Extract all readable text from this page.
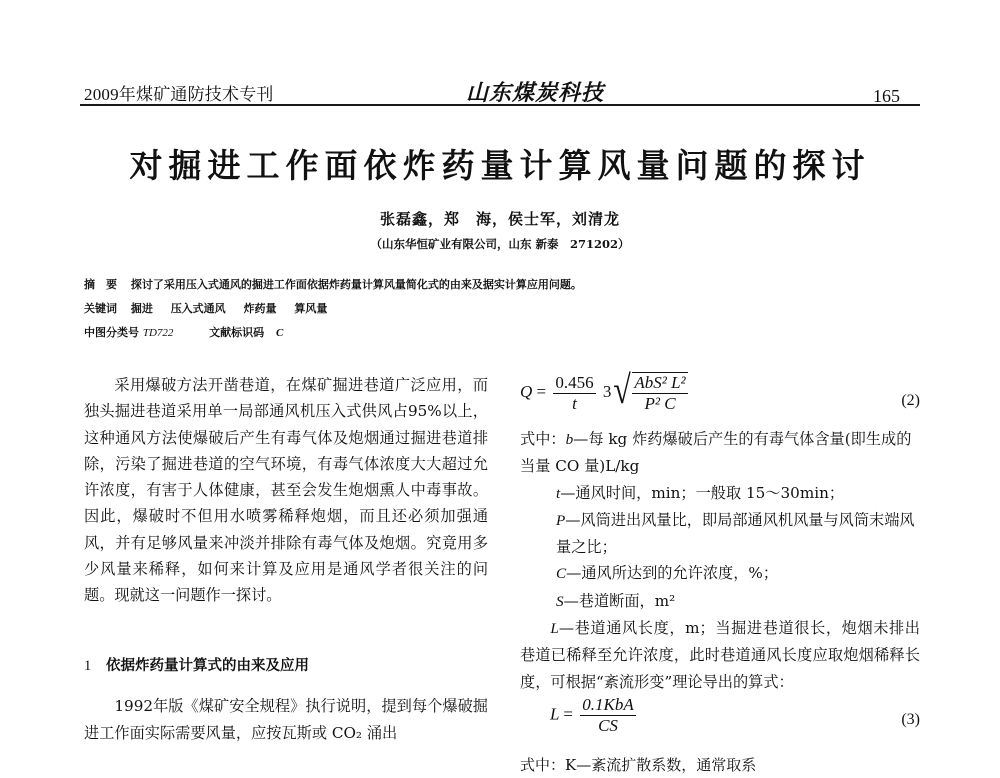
2009年煤矿通防技术专刊	山东煤炭科技	165
对掘进工作面依炸药量计算风量问题的探讨
张磊鑫，郑　海，侯士军，刘清龙
（山东华恒矿业有限公司，山东 新泰　271202）
摘　要 探讨了采用压入式通风的掘进工作面依据炸药量计算风量简化式的由来及据实计算应用问题。
关键词 掘进 压入式通风 炸药量 算风量
中图分类号 TD722	文献标识码 C

采用爆破方法开凿巷道，在煤矿掘进巷道广泛应用，而独头掘进巷道采用单一局部通风机压入式供风占95%以上，这种通风方法使爆破后产生有毒气体及炮烟通过掘进巷道排除，污染了掘进巷道的空气环境，有毒气体浓度大大超过允许浓度，有害于人体健康，甚至会发生炮烟熏人中毒事故。因此，爆破时不但用水喷雾稀释炮烟，而且还必须加强通风，并有足够风量来冲淡并排除有毒气体及炮烟。究竟用多少风量来稀释，如何来计算及应用是通风学者很关注的问题。现就这一问题作一探讨。

1 依据炸药量计算式的由来及应用

1992年版《煤矿安全规程》执行说明，提到每个爆破掘进工作面实际需要风量，应按瓦斯或 CO₂ 涌出

$Q = \frac{0.456}{t} 3$ √ $\frac{\text{AbS² L²}}{\text{P² C}}$	(2)

式中：b—每 kg 炸药爆破后产生的有毒气体含量(即生成的当量 CO 量)L/kg

t—通风时间，min；一般取 15～30min；

P—风筒进出风量比，即局部通风机风量与风筒末端风量之比；

C—通风所达到的允许浓度，%；

S—巷道断面，m²

L—巷道通风长度，m；当掘进巷道很长，炮烟未排出巷道已稀释至允许浓度，此时巷道通风长度应取炮烟稀释长度，可根据“紊流形变”理论导出的算式：

$L = \frac{\text{0.1KbA}}{CS}$	(3)
式中：K—紊流扩散系数，通常取系
